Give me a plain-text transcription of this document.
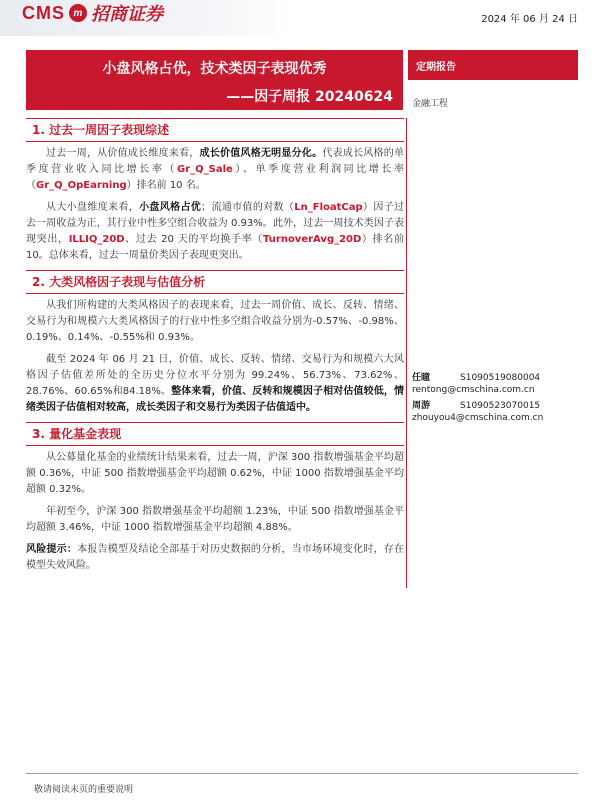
CMS m 招商证券	2024 年 06 月 24 日
小盘风格占优，技术类因子表现优秀
——因子周报 20240624
定期报告
金融工程
1. 过去一周因子表现综述

过去一周，从价值成长维度来看，成长价值风格无明显分化。代表成长风格的单季度营业收入同比增长率（Gr_Q_Sale）、单季度营业利润同比增长率（Gr_Q_OpEarning）排名前 10 名。

从大小盘维度来看，小盘风格占优；流通市值的对数（Ln_FloatCap）因子过去一周收益为正，其行业中性多空组合收益为 0.93%。此外，过去一周技术类因子表现突出，ILLIQ_20D、过去 20 天的平均换手率（TurnoverAvg_20D）排名前 10。总体来看，过去一周量价类因子表现更突出。

2. 大类风格因子表现与估值分析

从我们所构建的大类风格因子的表现来看，过去一周价值、成长、反转、情绪、交易行为和规模六大类风格因子的行业中性多空组合收益分别为-0.57%、-0.98%、0.19%、0.14%、-0.55%和 0.93%。

截至 2024 年 06 月 21 日，价值、成长、反转、情绪、交易行为和规模六大风格因子估值差所处的全历史分位水平分别为 99.24%、56.73%、73.62%、28.76%、60.65%和84.18%。整体来看，价值、反转和规模因子相对估值较低，情绪类因子估值相对较高，成长类因子和交易行为类因子估值适中。

3. 量化基金表现

从公募量化基金的业绩统计结果来看，过去一周，沪深 300 指数增强基金平均超额 0.36%，中证 500 指数增强基金平均超额 0.62%，中证 1000 指数增强基金平均超额 0.32%。

年初至今，沪深 300 指数增强基金平均超额 1.23%，中证 500 指数增强基金平均超额 3.46%，中证 1000 指数增强基金平均超额 4.88%。

风险提示：本报告模型及结论全部基于对历史数据的分析，当市场环境变化时，存在模型失效风险。

任瞳	S1090519080004
rentong@cmschina.com.cn
周游	S1090523070015
zhouyou4@cmschina.com.cn
敬请阅读末页的重要说明
